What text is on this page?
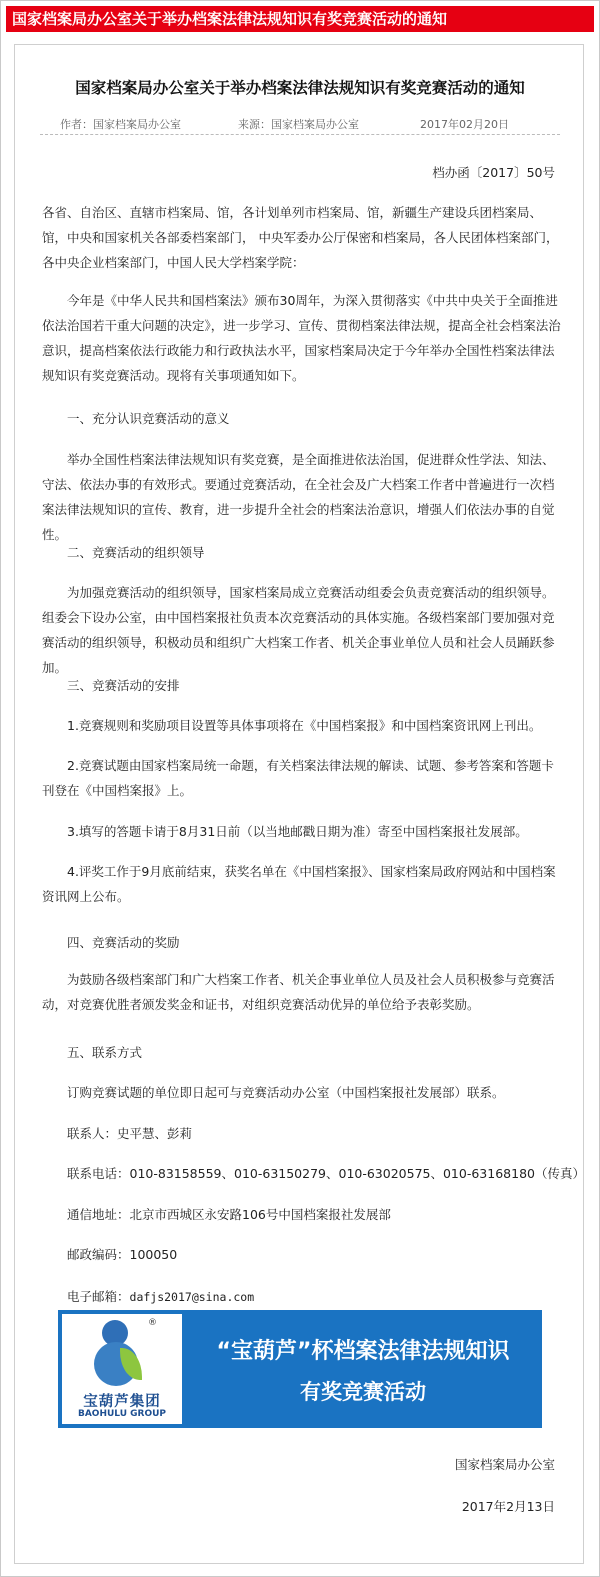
国家档案局办公室关于举办档案法律法规知识有奖竞赛活动的通知
国家档案局办公室关于举办档案法律法规知识有奖竞赛活动的通知
作者：国家档案局办公室	来源：国家档案局办公室	2017年02月20日
档办函〔2017〕50号
各省、自治区、直辖市档案局、馆，各计划单列市档案局、馆，新疆生产建设兵团档案局、馆，中央和国家机关各部委档案部门， 中央军委办公厅保密和档案局，各人民团体档案部门，各中央企业档案部门，中国人民大学档案学院：
今年是《中华人民共和国档案法》颁布30周年，为深入贯彻落实《中共中央关于全面推进依法治国若干重大问题的决定》，进一步学习、宣传、贯彻档案法律法规，提高全社会档案法治意识，提高档案依法行政能力和行政执法水平，国家档案局决定于今年举办全国性档案法律法规知识有奖竞赛活动。现将有关事项通知如下。
一、充分认识竞赛活动的意义
举办全国性档案法律法规知识有奖竞赛，是全面推进依法治国，促进群众性学法、知法、守法、依法办事的有效形式。要通过竞赛活动，在全社会及广大档案工作者中普遍进行一次档案法律法规知识的宣传、教育，进一步提升全社会的档案法治意识，增强人们依法办事的自觉性。
二、竞赛活动的组织领导
为加强竞赛活动的组织领导，国家档案局成立竞赛活动组委会负责竞赛活动的组织领导。组委会下设办公室，由中国档案报社负责本次竞赛活动的具体实施。各级档案部门要加强对竞赛活动的组织领导，积极动员和组织广大档案工作者、机关企事业单位人员和社会人员踊跃参加。
三、竞赛活动的安排
1.竞赛规则和奖励项目设置等具体事项将在《中国档案报》和中国档案资讯网上刊出。
2.竞赛试题由国家档案局统一命题，有关档案法律法规的解读、试题、参考答案和答题卡刊登在《中国档案报》上。
3.填写的答题卡请于8月31日前（以当地邮戳日期为准）寄至中国档案报社发展部。
4.评奖工作于9月底前结束，获奖名单在《中国档案报》、国家档案局政府网站和中国档案资讯网上公布。
四、竞赛活动的奖励
为鼓励各级档案部门和广大档案工作者、机关企事业单位人员及社会人员积极参与竞赛活动，对竞赛优胜者颁发奖金和证书，对组织竞赛活动优异的单位给予表彰奖励。
五、联系方式
订购竞赛试题的单位即日起可与竞赛活动办公室（中国档案报社发展部）联系。
联系人：史平慧、彭莉
联系电话：010-83158559、010-63150279、010-63020575、010-63168180（传真）
通信地址：北京市西城区永安路106号中国档案报社发展部
邮政编码：100050
电子邮箱：dafjs2017@sina.com
®
宝葫芦集团
BAOHULU GROUP
“宝葫芦”杯档案法律法规知识
有奖竞赛活动
国家档案局办公室
2017年2月13日
